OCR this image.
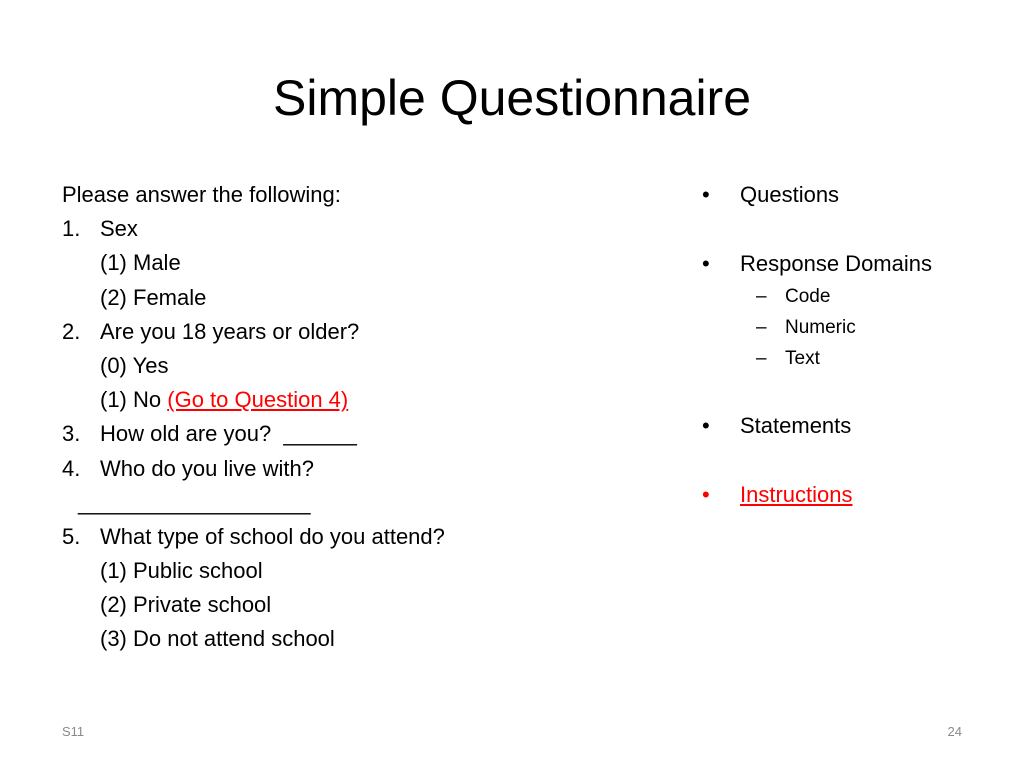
Simple Questionnaire
Please answer the following:
1. Sex
(1) Male
(2) Female
2. Are you 18 years or older?
(0) Yes
(1) No (Go to Question 4)
3. How old are you?  ______
4. Who do you live with?
___________________
5. What type of school do you attend?
(1) Public school
(2) Private school
(3) Do not attend school
• Questions
• Response Domains
– Code
– Numeric
– Text
• Statements
• Instructions
S11	24
